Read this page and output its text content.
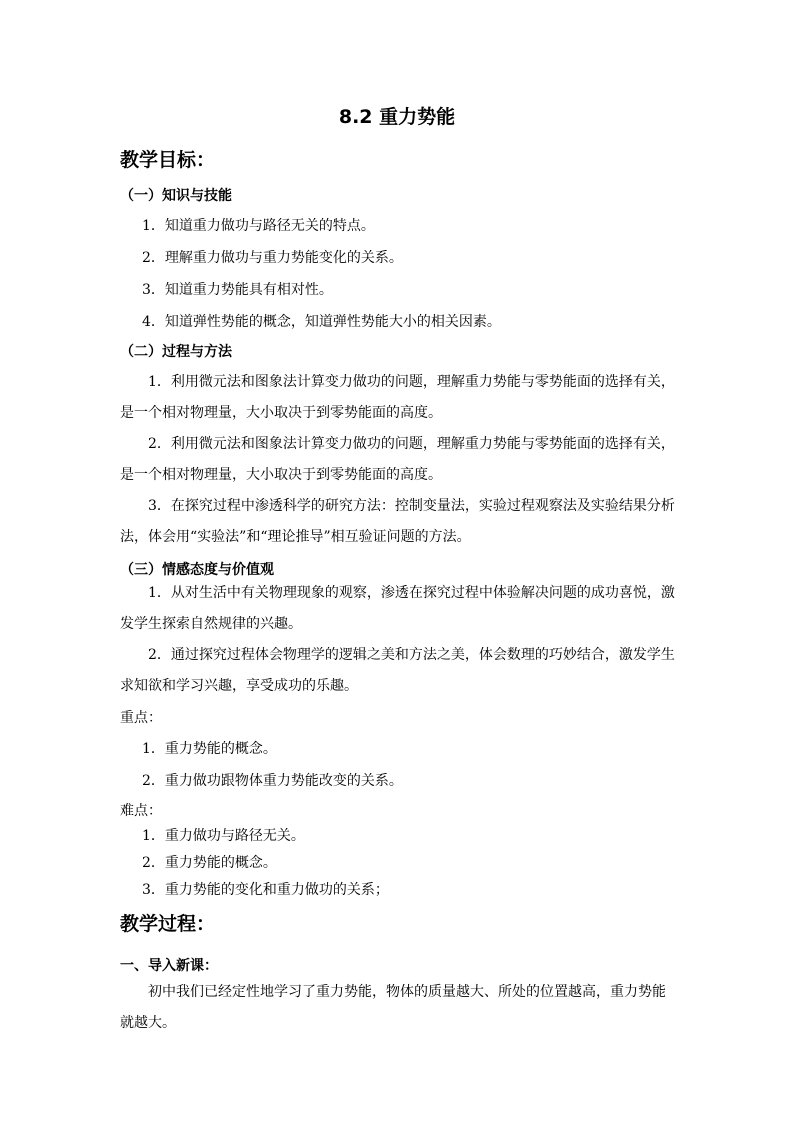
8.2 重力势能
教学目标：
（一）知识与技能
1．知道重力做功与路径无关的特点。
2．理解重力做功与重力势能变化的关系。
3．知道重力势能具有相对性。
4．知道弹性势能的概念，知道弹性势能大小的相关因素。
（二）过程与方法
1．利用微元法和图象法计算变力做功的问题，理解重力势能与零势能面的选择有关，是一个相对物理量，大小取决于到零势能面的高度。
2．利用微元法和图象法计算变力做功的问题，理解重力势能与零势能面的选择有关，是一个相对物理量，大小取决于到零势能面的高度。
3．在探究过程中渗透科学的研究方法：控制变量法，实验过程观察法及实验结果分析法，体会用“实验法”和“理论推导”相互验证问题的方法。
（三）情感态度与价值观
1．从对生活中有关物理现象的观察，渗透在探究过程中体验解决问题的成功喜悦，激发学生探索自然规律的兴趣。
2．通过探究过程体会物理学的逻辑之美和方法之美，体会数理的巧妙结合，激发学生求知欲和学习兴趣，享受成功的乐趣。
重点：
1．重力势能的概念。
2．重力做功跟物体重力势能改变的关系。
难点：
1．重力做功与路径无关。
2．重力势能的概念。
3．重力势能的变化和重力做功的关系；
教学过程：
一、导入新课：
初中我们已经定性地学习了重力势能，物体的质量越大、所处的位置越高，重力势能就越大。
